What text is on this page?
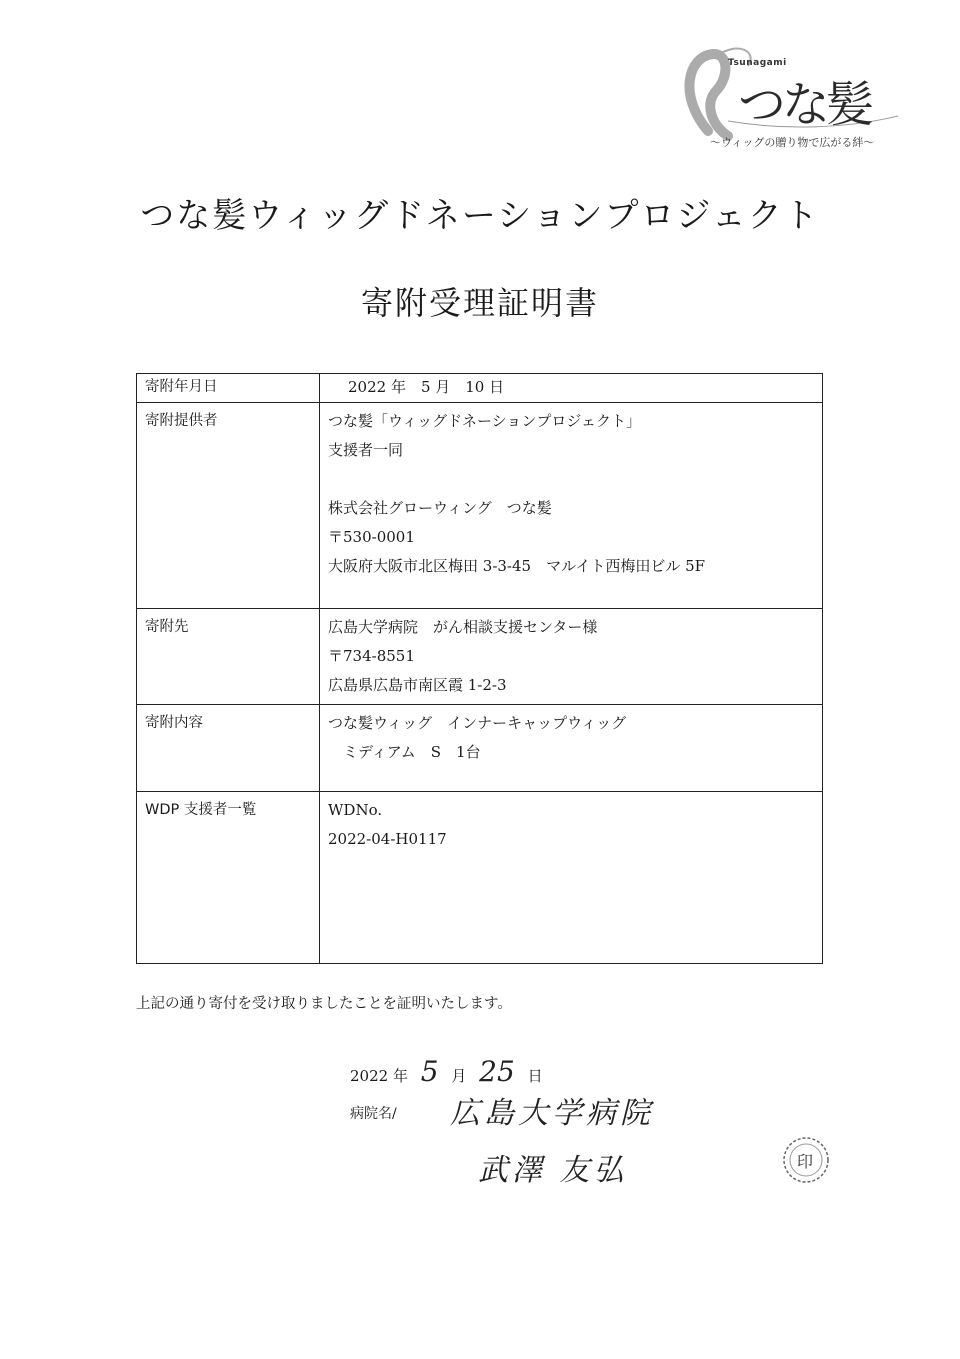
Tsunagami
つな髪
～ウィッグの贈り物で広がる絆～
つな髪ウィッグドネーションプロジェクト
寄附受理証明書
寄附年月日	2022 年　5 月　10 日
寄附提供者	つな髪「ウィッグドネーションプロジェクト」
支援者一同
株式会社グローウィング　つな髪
〒530-0001
大阪府大阪市北区梅田 3-3-45　マルイト西梅田ビル 5F

寄附先	広島大学病院　がん相談支援センター様
〒734-8551
広島県広島市南区霞 1-2-3

寄附内容	つな髪ウィッグ　インナーキャップウィッグ
　ミディアム　S　1台

WDP 支援者一覧	WDNo.
2022-04-H0117
上記の通り寄付を受け取りましたことを証明いたします。
2022 年 5 月 25 日
病院名/ 広島大学病院
武澤 友弘	印
